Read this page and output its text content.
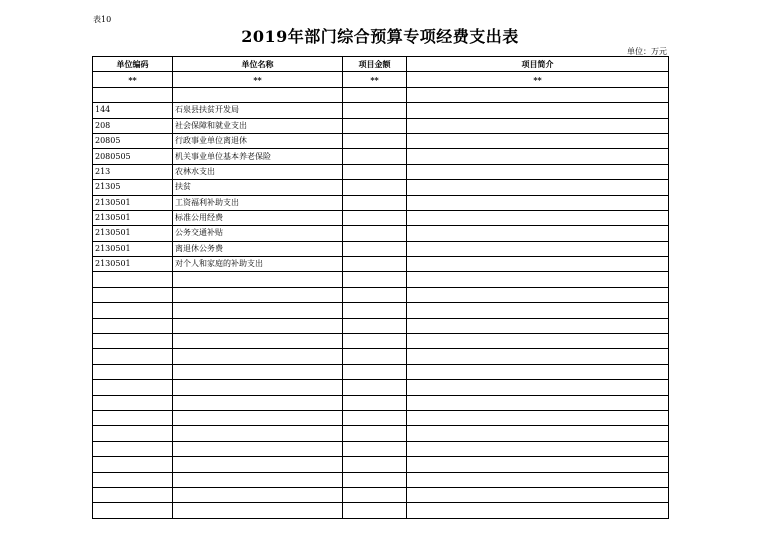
表10
2019年部门综合预算专项经费支出表
单位：万元
单位编码	单位名称	项目金额	项目简介
**	**	**	**

144	石泉县扶贫开发局		
208	社会保障和就业支出		
20805	行政事业单位离退休		
2080505	机关事业单位基本养老保险		
213	农林水支出		
21305	扶贫		
2130501	工资福利补助支出		
2130501	标准公用经费		
2130501	公务交通补贴		
2130501	离退休公务费		
2130501	对个人和家庭的补助支出		
